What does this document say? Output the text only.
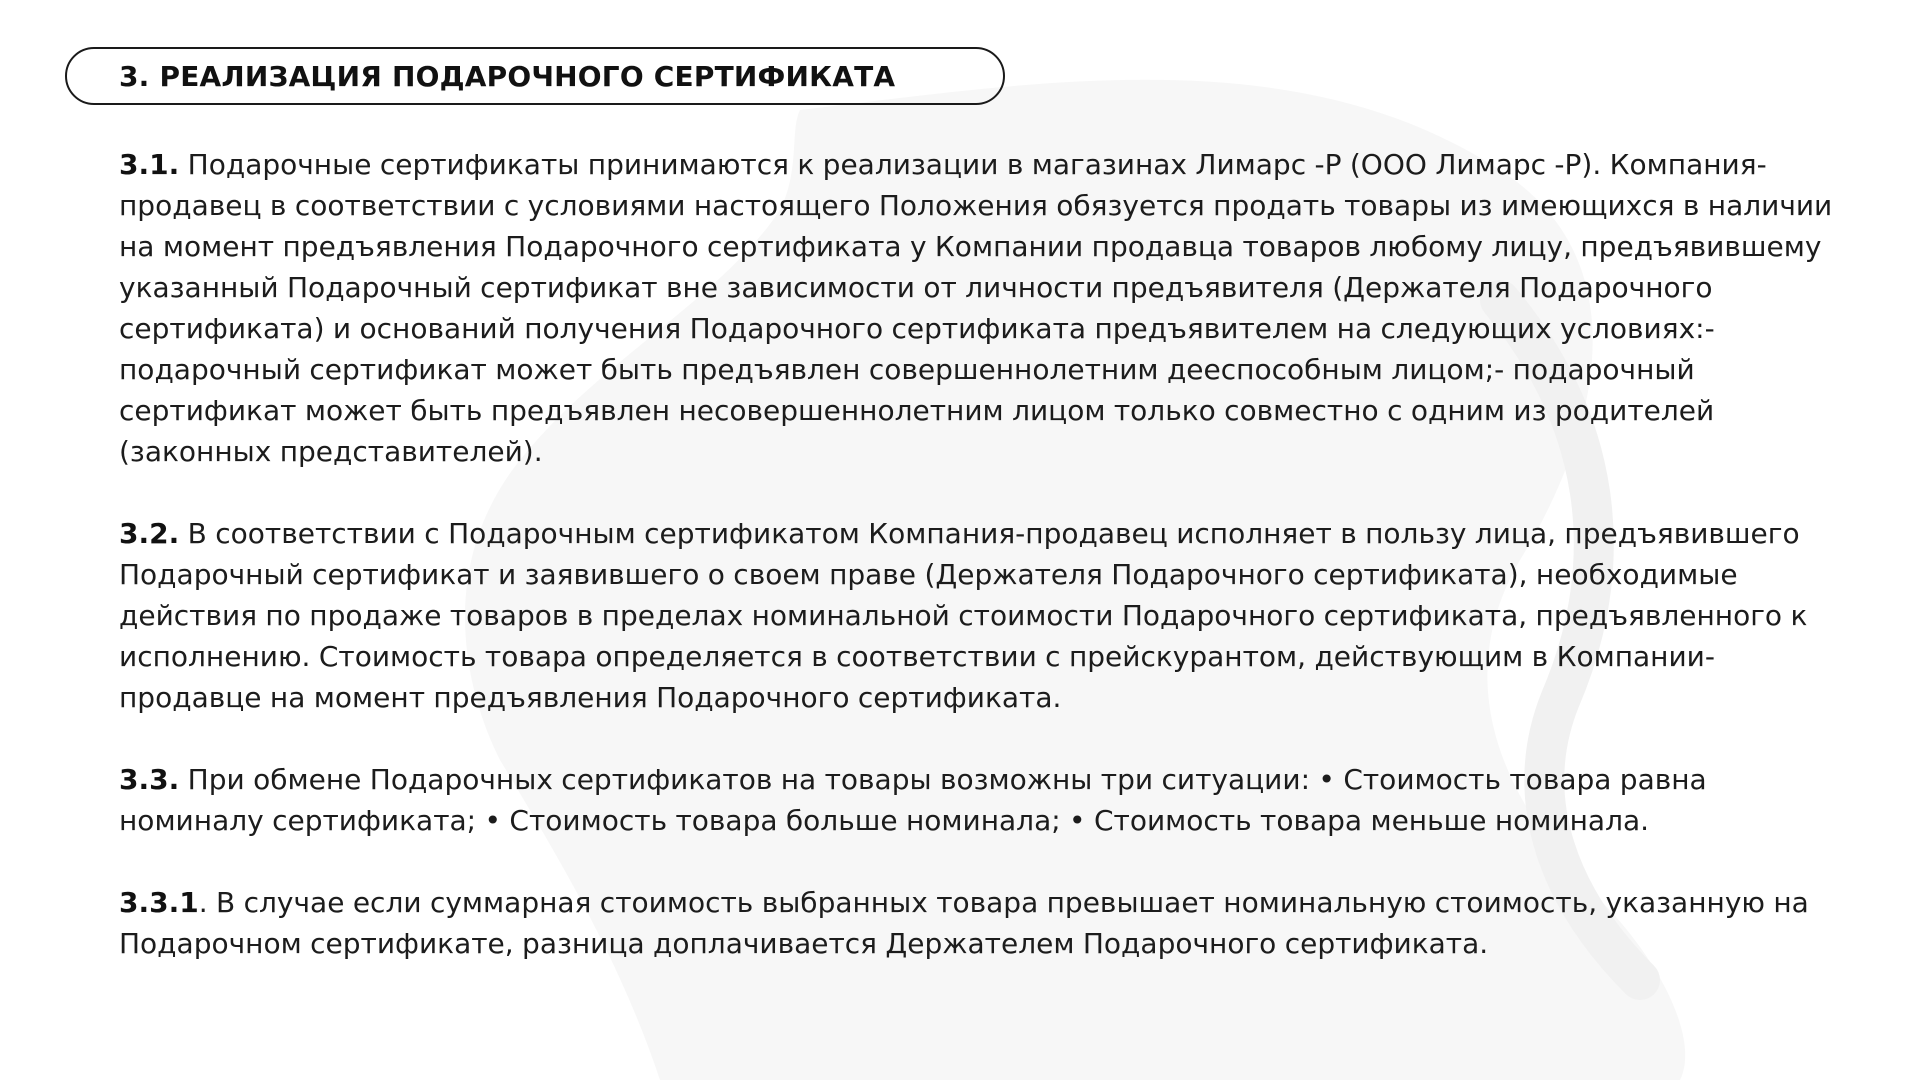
3. РЕАЛИЗАЦИЯ ПОДАРОЧНОГО СЕРТИФИКАТА

3.1. Подарочные сертификаты принимаются к реализации в магазинах Лимарс -Р (ООО Лимарс -Р). Компания-продавец в соответствии с условиями настоящего Положения обязуется продать товары из имеющихся в наличии на момент предъявления Подарочного сертификата у Компании продавца товаров любому лицу, предъявившему указанный Подарочный сертификат вне зависимости от личности предъявителя (Держателя Подарочного сертификата) и оснований получения Подарочного сертификата предъявителем на следующих условиях:- подарочный сертификат может быть предъявлен совершеннолетним дееспособным лицом;- подарочный сертификат может быть предъявлен несовершеннолетним лицом только совместно с одним из родителей (законных представителей).

3.2. В соответствии с Подарочным сертификатом Компания-продавец исполняет в пользу лица, предъявившего Подарочный сертификат и заявившего о своем праве (Держателя Подарочного сертификата), необходимые действия по продаже товаров в пределах номинальной стоимости Подарочного сертификата, предъявленного к исполнению. Стоимость товара определяется в соответствии с прейскурантом, действующим в Компании-продавце на момент предъявления Подарочного сертификата.

3.3. При обмене Подарочных сертификатов на товары возможны три ситуации: • Стоимость товара равна номиналу сертификата; • Стоимость товара больше номинала; • Стоимость товара меньше номинала.

3.3.1. В случае если суммарная стоимость выбранных товара превышает номинальную стоимость, указанную на Подарочном сертификате, разница доплачивается Держателем Подарочного сертификата.
